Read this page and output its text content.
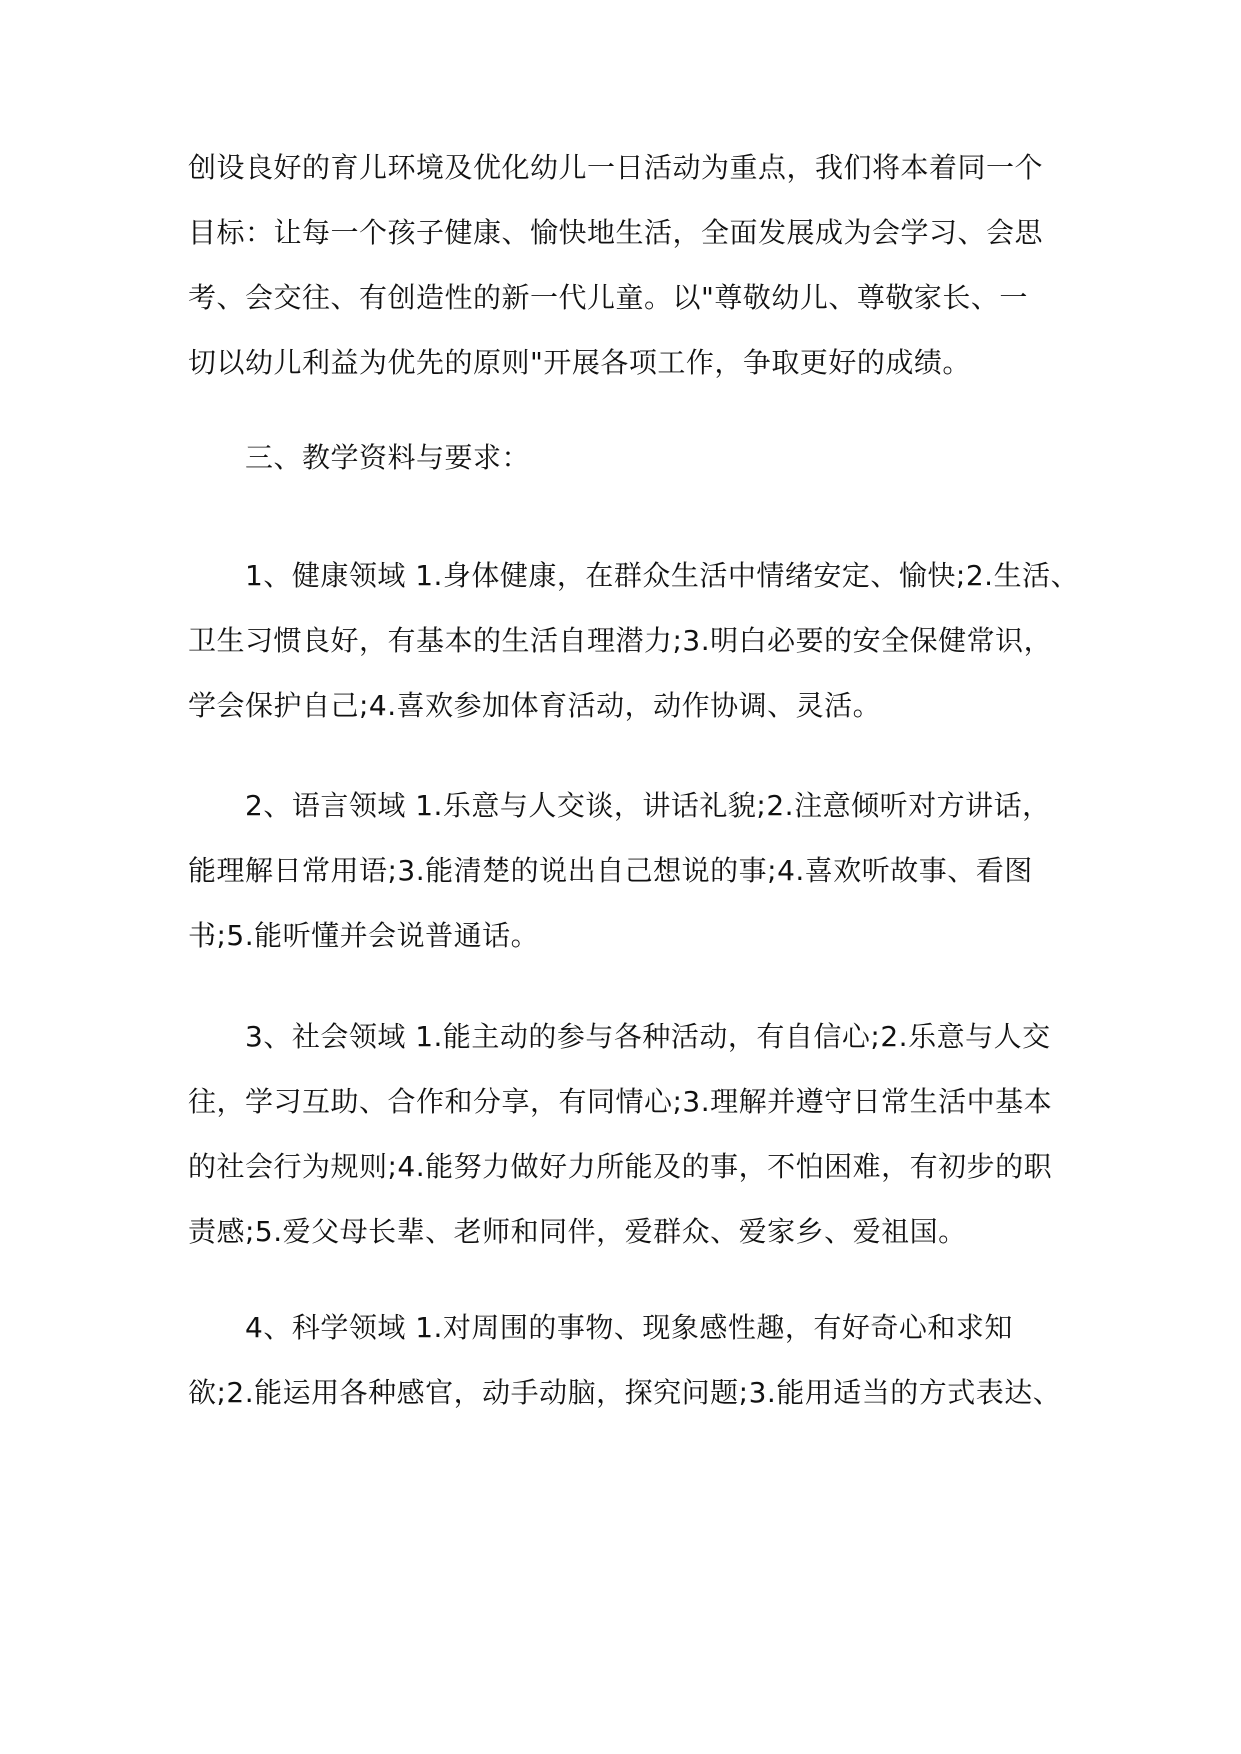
创设良好的育儿环境及优化幼儿一日活动为重点，我们将本着同一个
目标：让每一个孩子健康、愉快地生活，全面发展成为会学习、会思
考、会交往、有创造性的新一代儿童。以"尊敬幼儿、尊敬家长、一
切以幼儿利益为优先的原则"开展各项工作，争取更好的成绩。
　　三、教学资料与要求：
　　1、健康领域 1.身体健康，在群众生活中情绪安定、愉快;2.生活、
卫生习惯良好，有基本的生活自理潜力;3.明白必要的安全保健常识，
学会保护自己;4.喜欢参加体育活动，动作协调、灵活。
　　2、语言领域 1.乐意与人交谈，讲话礼貌;2.注意倾听对方讲话，
能理解日常用语;3.能清楚的说出自己想说的事;4.喜欢听故事、看图
书;5.能听懂并会说普通话。
　　3、社会领域 1.能主动的参与各种活动，有自信心;2.乐意与人交
往，学习互助、合作和分享，有同情心;3.理解并遵守日常生活中基本
的社会行为规则;4.能努力做好力所能及的事，不怕困难，有初步的职
责感;5.爱父母长辈、老师和同伴，爱群众、爱家乡、爱祖国。
　　4、科学领域 1.对周围的事物、现象感性趣，有好奇心和求知
欲;2.能运用各种感官，动手动脑，探究问题;3.能用适当的方式表达、
